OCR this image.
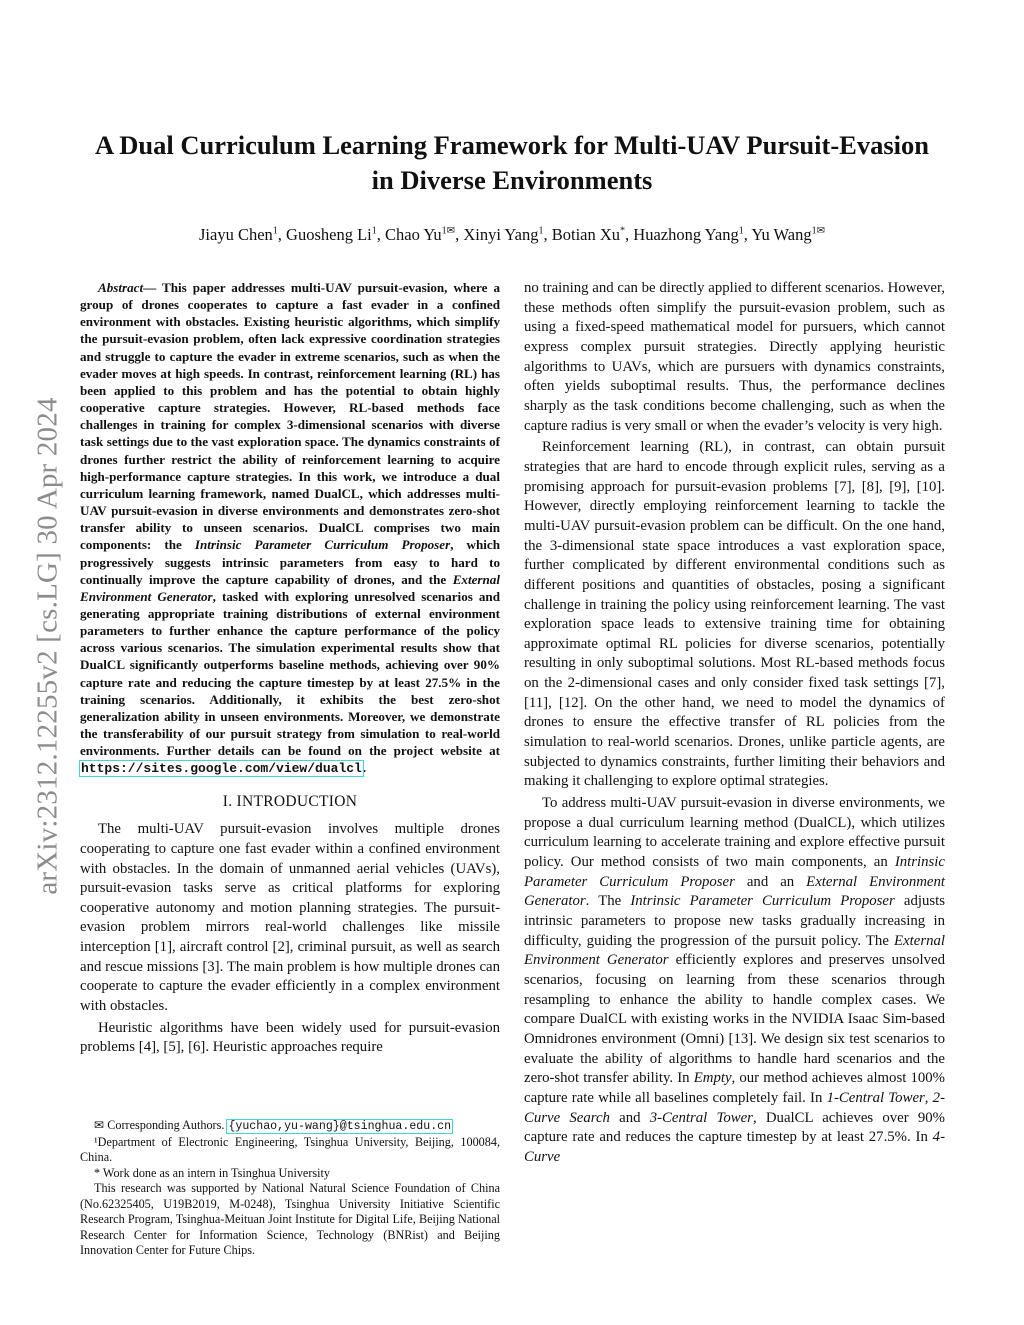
arXiv:2312.12255v2 [cs.LG] 30 Apr 2024
A Dual Curriculum Learning Framework for Multi-UAV Pursuit-Evasion
in Diverse Environments
Jiayu Chen$^1$, Guosheng Li$^1$, Chao $Yu^{1✉}$, Xinyi Yang$^1$, Botian Xu*, Huazhong Yang$^1$, Yu Wang$^{1✉}$

Abstract— This paper addresses multi-UAV pursuit-evasion, where a group of drones cooperates to capture a fast evader in a confined environment with obstacles. Existing heuristic algorithms, which simplify the pursuit-evasion problem, often lack expressive coordination strategies and struggle to capture the evader in extreme scenarios, such as when the evader moves at high speeds. In contrast, reinforcement learning (RL) has been applied to this problem and has the potential to obtain highly cooperative capture strategies. However, RL-based methods face challenges in training for complex 3-dimensional scenarios with diverse task settings due to the vast exploration space. The dynamics constraints of drones further restrict the ability of reinforcement learning to acquire high-performance capture strategies. In this work, we introduce a dual curriculum learning framework, named DualCL, which addresses multi-UAV pursuit-evasion in diverse environments and demonstrates zero-shot transfer ability to unseen scenarios. DualCL comprises two main components: the Intrinsic Parameter Curriculum Proposer, which progressively suggests intrinsic parameters from easy to hard to continually improve the capture capability of drones, and the External Environment Generator, tasked with exploring unresolved scenarios and generating appropriate training distributions of external environment parameters to further enhance the capture performance of the policy across various scenarios. The simulation experimental results show that DualCL significantly outperforms baseline methods, achieving over 90% capture rate and reducing the capture timestep by at least 27.5% in the training scenarios. Additionally, it exhibits the best zero-shot generalization ability in unseen environments. Moreover, we demonstrate the transferability of our pursuit strategy from simulation to real-world environments. Further details can be found on the project website at https://sites.google.com/view/dualcl.

I. INTRODUCTION

The multi-UAV pursuit-evasion involves multiple drones cooperating to capture one fast evader within a confined environment with obstacles. In the domain of unmanned aerial vehicles (UAVs), pursuit-evasion tasks serve as critical platforms for exploring cooperative autonomy and motion planning strategies. The pursuit-evasion problem mirrors real-world challenges like missile interception [1], aircraft control [2], criminal pursuit, as well as search and rescue missions [3]. The main problem is how multiple drones can cooperate to capture the evader efficiently in a complex environment with obstacles.

Heuristic algorithms have been widely used for pursuit-evasion problems [4], [5], [6]. Heuristic approaches require

✉ Corresponding Authors. {yuchao,yu-wang}@tsinghua.edu.cn

¹Department of Electronic Engineering, Tsinghua University, Beijing, 100084, China.

* Work done as an intern in Tsinghua University

This research was supported by National Natural Science Foundation of China (No.62325405, U19B2019, M-0248), Tsinghua University Initiative Scientific Research Program, Tsinghua-Meituan Joint Institute for Digital Life, Beijing National Research Center for Information Science, Technology (BNRist) and Beijing Innovation Center for Future Chips.

no training and can be directly applied to different scenarios. However, these methods often simplify the pursuit-evasion problem, such as using a fixed-speed mathematical model for pursuers, which cannot express complex pursuit strategies. Directly applying heuristic algorithms to UAVs, which are pursuers with dynamics constraints, often yields suboptimal results. Thus, the performance declines sharply as the task conditions become challenging, such as when the capture radius is very small or when the evader’s velocity is very high.

Reinforcement learning (RL), in contrast, can obtain pursuit strategies that are hard to encode through explicit rules, serving as a promising approach for pursuit-evasion problems [7], [8], [9], [10]. However, directly employing reinforcement learning to tackle the multi-UAV pursuit-evasion problem can be difficult. On the one hand, the 3-dimensional state space introduces a vast exploration space, further complicated by different environmental conditions such as different positions and quantities of obstacles, posing a significant challenge in training the policy using reinforcement learning. The vast exploration space leads to extensive training time for obtaining approximate optimal RL policies for diverse scenarios, potentially resulting in only suboptimal solutions. Most RL-based methods focus on the 2-dimensional cases and only consider fixed task settings [7], [11], [12]. On the other hand, we need to model the dynamics of drones to ensure the effective transfer of RL policies from the simulation to real-world scenarios. Drones, unlike particle agents, are subjected to dynamics constraints, further limiting their behaviors and making it challenging to explore optimal strategies.

To address multi-UAV pursuit-evasion in diverse environments, we propose a dual curriculum learning method (DualCL), which utilizes curriculum learning to accelerate training and explore effective pursuit policy. Our method consists of two main components, an Intrinsic Parameter Curriculum Proposer and an External Environment Generator. The Intrinsic Parameter Curriculum Proposer adjusts intrinsic parameters to propose new tasks gradually increasing in difficulty, guiding the progression of the pursuit policy. The External Environment Generator efficiently explores and preserves unsolved scenarios, focusing on learning from these scenarios through resampling to enhance the ability to handle complex cases. We compare DualCL with existing works in the NVIDIA Isaac Sim-based Omnidrones environment (Omni) [13]. We design six test scenarios to evaluate the ability of algorithms to handle hard scenarios and the zero-shot transfer ability. In Empty, our method achieves almost 100% capture rate while all baselines completely fail. In 1-Central Tower, 2-Curve Search and 3-Central Tower, DualCL achieves over 90% capture rate and reduces the capture timestep by at least 27.5%. In 4-Curve
